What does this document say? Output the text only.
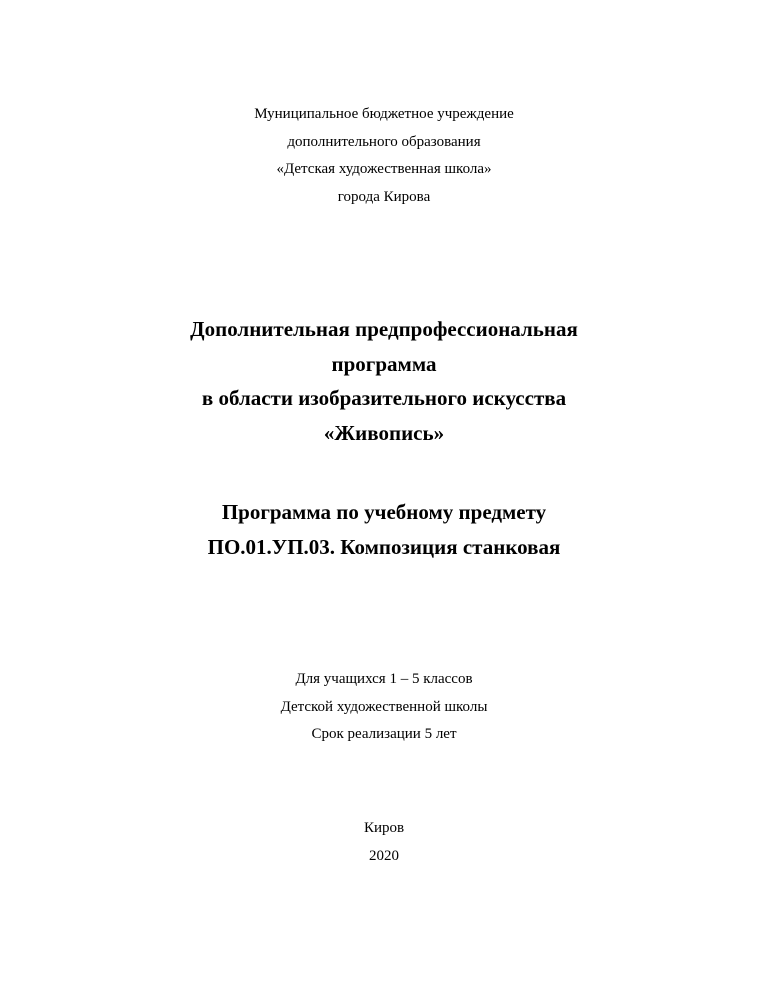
Муниципальное бюджетное учреждение
дополнительного образования
«Детская художественная школа»
города Кирова
Дополнительная предпрофессиональная
программа
в области изобразительного искусства
«Живопись»
Программа по учебному предмету
ПО.01.УП.03. Композиция станковая
Для учащихся 1 – 5 классов
Детской художественной школы
Срок реализации 5 лет
Киров
2020
